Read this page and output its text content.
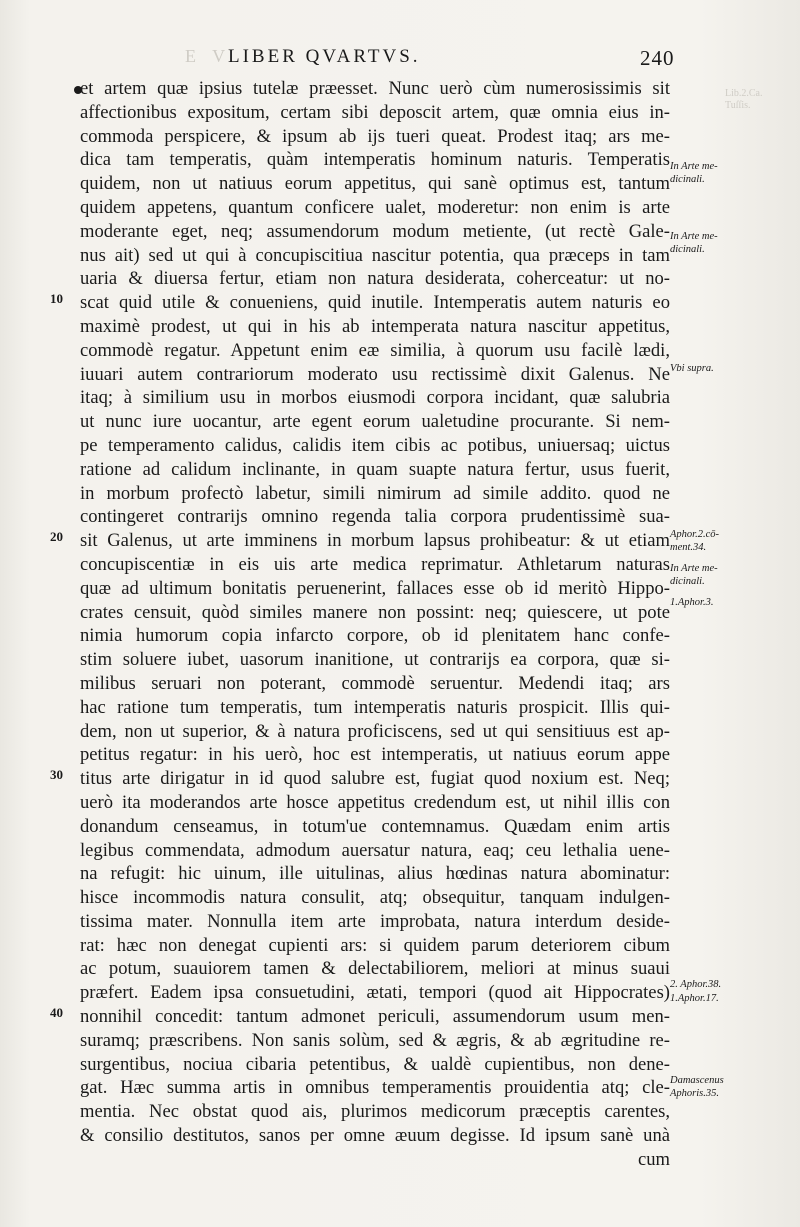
E V
Lib.2.Ca.
Tuſſis.
LIBER QVARTVS.	240
et artem quæ ipsius tutelæ præesset. Nunc uerò cùm numerosissimis sit
affectionibus expositum, certam sibi deposcit artem, quæ omnia eius in-
commoda perspicere, & ipsum ab ijs tueri queat. Prodest itaq; ars me-
dica tam temperatis, quàm intemperatis hominum naturis. Temperatis
quidem, non ut natiuus eorum appetitus, qui sanè optimus est, tantum
quidem appetens, quantum conficere ualet, moderetur: non enim is arte
moderante eget, neq; assumendorum modum metiente, (ut rectè Gale-
nus ait) sed ut qui à concupiscitiua nascitur potentia, qua præceps in tam
uaria & diuersa fertur, etiam non natura desiderata, coherceatur: ut no-
scat quid utile & conueniens, quid inutile. Intemperatis autem naturis eo
maximè prodest, ut qui in his ab intemperata natura nascitur appetitus,
commodè regatur. Appetunt enim eæ similia, à quorum usu facilè lædi,
iuuari autem contrariorum moderato usu rectissimè dixit Galenus. Ne
itaq; à similium usu in morbos eiusmodi corpora incidant, quæ salubria
ut nunc iure uocantur, arte egent eorum ualetudine procurante. Si nem-
pe temperamento calidus, calidis item cibis ac potibus, uniuersaq; uictus
ratione ad calidum inclinante, in quam suapte natura fertur, usus fuerit,
in morbum profectò labetur, simili nimirum ad simile addito. quod ne
contingeret contrarijs omnino regenda talia corpora prudentissimè sua-
sit Galenus, ut arte imminens in morbum lapsus prohibeatur: & ut etiam
concupiscentiæ in eis uis arte medica reprimatur. Athletarum naturas
quæ ad ultimum bonitatis peruenerint, fallaces esse ob id meritò Hippo-
crates censuit, quòd similes manere non possint: neq; quiescere, ut pote
nimia humorum copia infarcto corpore, ob id plenitatem hanc confe-
stim soluere iubet, uasorum inanitione, ut contrarijs ea corpora, quæ si-
milibus seruari non poterant, commodè seruentur. Medendi itaq; ars
hac ratione tum temperatis, tum intemperatis naturis prospicit. Illis qui-
dem, non ut superior, & à natura proficiscens, sed ut qui sensitiuus est ap-
petitus regatur: in his uerò, hoc est intemperatis, ut natiuus eorum appe
titus arte dirigatur in id quod salubre est, fugiat quod noxium est. Neq;
uerò ita moderandos arte hosce appetitus credendum est, ut nihil illis con
donandum censeamus, in totum'ue contemnamus. Quædam enim artis
legibus commendata, admodum auersatur natura, eaq; ceu lethalia uene-
na refugit: hic uinum, ille uitulinas, alius hœdinas natura abominatur:
hisce incommodis natura consulit, atq; obsequitur, tanquam indulgen-
tissima mater. Nonnulla item arte improbata, natura interdum deside-
rat: hæc non denegat cupienti ars: si quidem parum deteriorem cibum
ac potum, suauiorem tamen & delectabiliorem, meliori at minus suaui
præfert. Eadem ipsa consuetudini, ætati, tempori (quod ait Hippocrates)
nonnihil concedit: tantum admonet periculi, assumendorum usum men-
suramq; præscribens. Non sanis solùm, sed & ægris, & ab ægritudine re-
surgentibus, nociua cibaria petentibus, & ualdè cupientibus, non dene-
gat. Hæc summa artis in omnibus temperamentis prouidentia atq; cle-
mentia. Nec obstat quod ais, plurimos medicorum præceptis carentes,
& consilio destitutos, sanos per omne æuum degisse. Id ipsum sanè unà
cum
10
20
30
40
In Arte me-
dicinali.
In Arte me-
dicinali.
Vbi supra.
Aphor.2.cō-
ment.34.
In Arte me-
dicinali.
1.Aphor.3.
2. Aphor.38.
1.Aphor.17.
Damascenus
Aphoris.35.
